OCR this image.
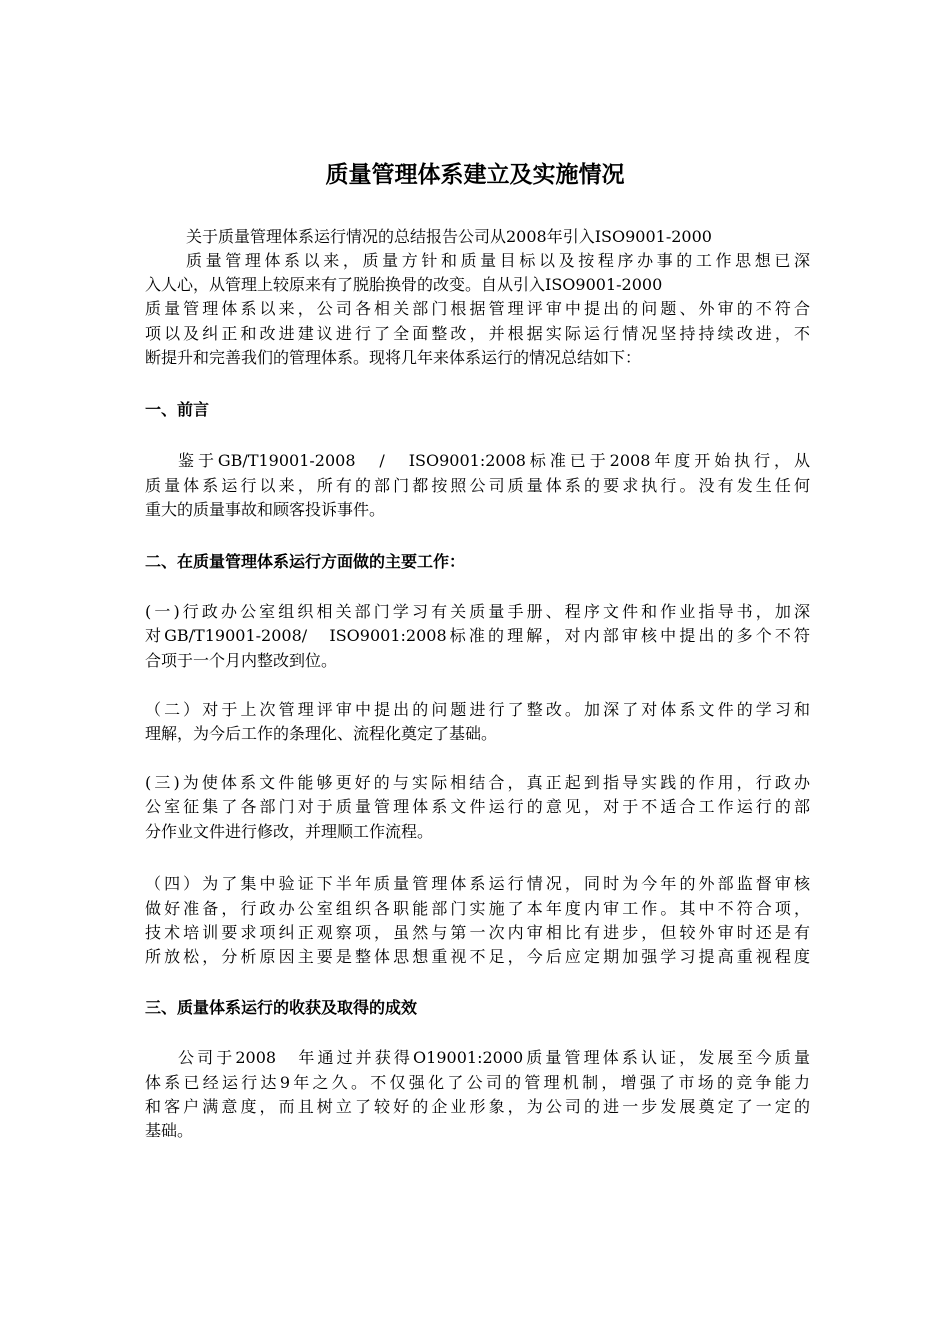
质量管理体系建立及实施情况

关于质量管理体系运行情况的总结报告公司从2008年引入ISO9001-2000

质量管理体系以来，质量方针和质量目标以及按程序办事的工作思想已深

入人心，从管理上较原来有了脱胎换骨的改变。自从引入ISO9001-2000

质量管理体系以来，公司各相关部门根据管理评审中提出的问题、外审的不符合

项以及纠正和改进建议进行了全面整改，并根据实际运行情况坚持持续改进，不

断提升和完善我们的管理体系。现将几年来体系运行的情况总结如下：

一、前言

鉴于GB/T19001-2008　/　ISO9001:2008标准已于2008年度开始执行，从

质量体系运行以来，所有的部门都按照公司质量体系的要求执行。没有发生任何

重大的质量事故和顾客投诉事件。

二、在质量管理体系运行方面做的主要工作：

(一)行政办公室组织相关部门学习有关质量手册、程序文件和作业指导书，加深

对GB/T19001-2008/　ISO9001:2008标准的理解，对内部审核中提出的多个不符

合项于一个月内整改到位。

（二）对于上次管理评审中提出的问题进行了整改。加深了对体系文件的学习和

理解，为今后工作的条理化、流程化奠定了基础。

(三)为使体系文件能够更好的与实际相结合，真正起到指导实践的作用，行政办

公室征集了各部门对于质量管理体系文件运行的意见，对于不适合工作运行的部

分作业文件进行修改，并理顺工作流程。

（四）为了集中验证下半年质量管理体系运行情况，同时为今年的外部监督审核

做好准备，行政办公室组织各职能部门实施了本年度内审工作。其中不符合项，

技术培训要求项纠正观察项，虽然与第一次内审相比有进步，但较外审时还是有

所放松，分析原因主要是整体思想重视不足，今后应定期加强学习提高重视程度

三、质量体系运行的收获及取得的成效

公司于2008　年通过并获得O19001:2000质量管理体系认证，发展至今质量

体系已经运行达9年之久。不仅强化了公司的管理机制，增强了市场的竞争能力

和客户满意度，而且树立了较好的企业形象，为公司的进一步发展奠定了一定的

基础。
